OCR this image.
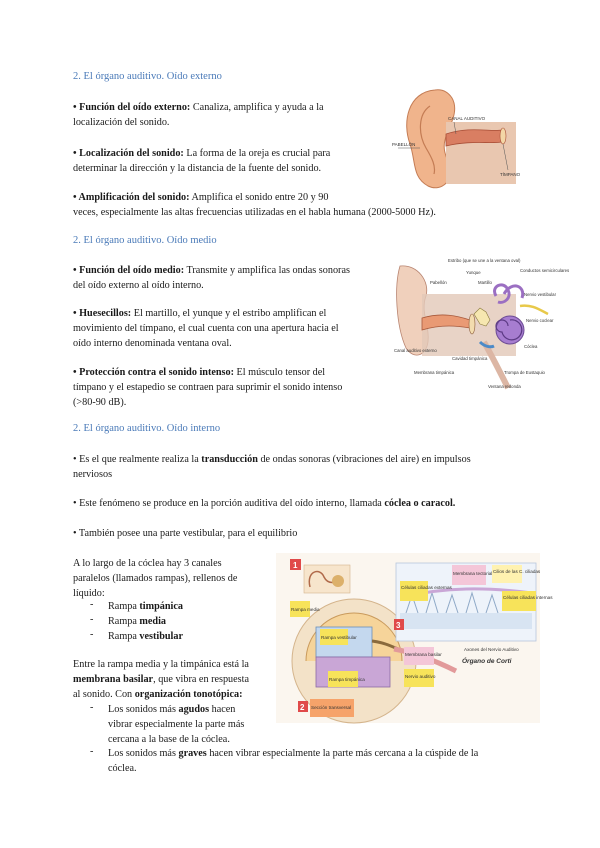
2. El órgano auditivo. Oído externo
• Función del oído externo: Canaliza, amplifica y ayuda a la
localización del sonido.
• Localización del sonido: La forma de la oreja es crucial para
determinar la dirección y la distancia de la fuente del sonido.
• Amplificación del sonido: Amplifica el sonido entre 20 y 90
veces, especialmente las altas frecuencias utilizadas en el habla humana (2000-5000 Hz).
CANAL AUDITIVO
PABELLÓN
TÍMPANO
2. El órgano auditivo. Oído medio
• Función del oído medio: Transmite y amplifica las ondas sonoras
del oído externo al oído interno.
• Huesecillos: El martillo, el yunque y el estribo amplifican el
movimiento del tímpano, el cual cuenta con una apertura hacia el
oído interno denominada ventana oval.
• Protección contra el sonido intenso: El músculo tensor del
tímpano y el estapedio se contraen para suprimir el sonido intenso
(>80-90 dB).
Estribo (que se une a la ventana oval)
Yunque
Pabellón	Martillo
Conductos semicirculares
Nervio vestibular
Nervio coclear
Cóclea
Canal auditivo externo
Cavidad timpánica
Membrana timpánica	Trompa de Eustaquio
Ventana redonda
2. El órgano auditivo. Oído interno
• Es el que realmente realiza la transducción de ondas sonoras (vibraciones del aire) en impulsos
nerviosos
• Este fenómeno se produce en la porción auditiva del oído interno, llamada cóclea o caracol.
• También posee una parte vestibular, para el equilibrio
A lo largo de la cóclea hay 3 canales
paralelos (llamados rampas), rellenos de
líquido:
- Rampa timpánica
- Rampa media
- Rampa vestibular
Entre la rampa media y la timpánica está la
membrana basilar, que vibra en respuesta
al sonido. Con organización tonotópica:
- Los sonidos más agudos hacen
vibrar especialmente la parte más
cercana a la base de la cóclea.
- Los sonidos más graves hacen vibrar especialmente la parte más cercana a la cúspide de la
cóclea.
1
2
3
Rampa media
Rampa vestibular
Rampa timpánica
Membrana tectorial Cilios de las C. ciliadas
Células ciliadas externas
Células ciliadas internas
Membrana basilar
Nervio auditivo
Axones del Nervio Auditivo
Sección transversal
Órgano de Corti
